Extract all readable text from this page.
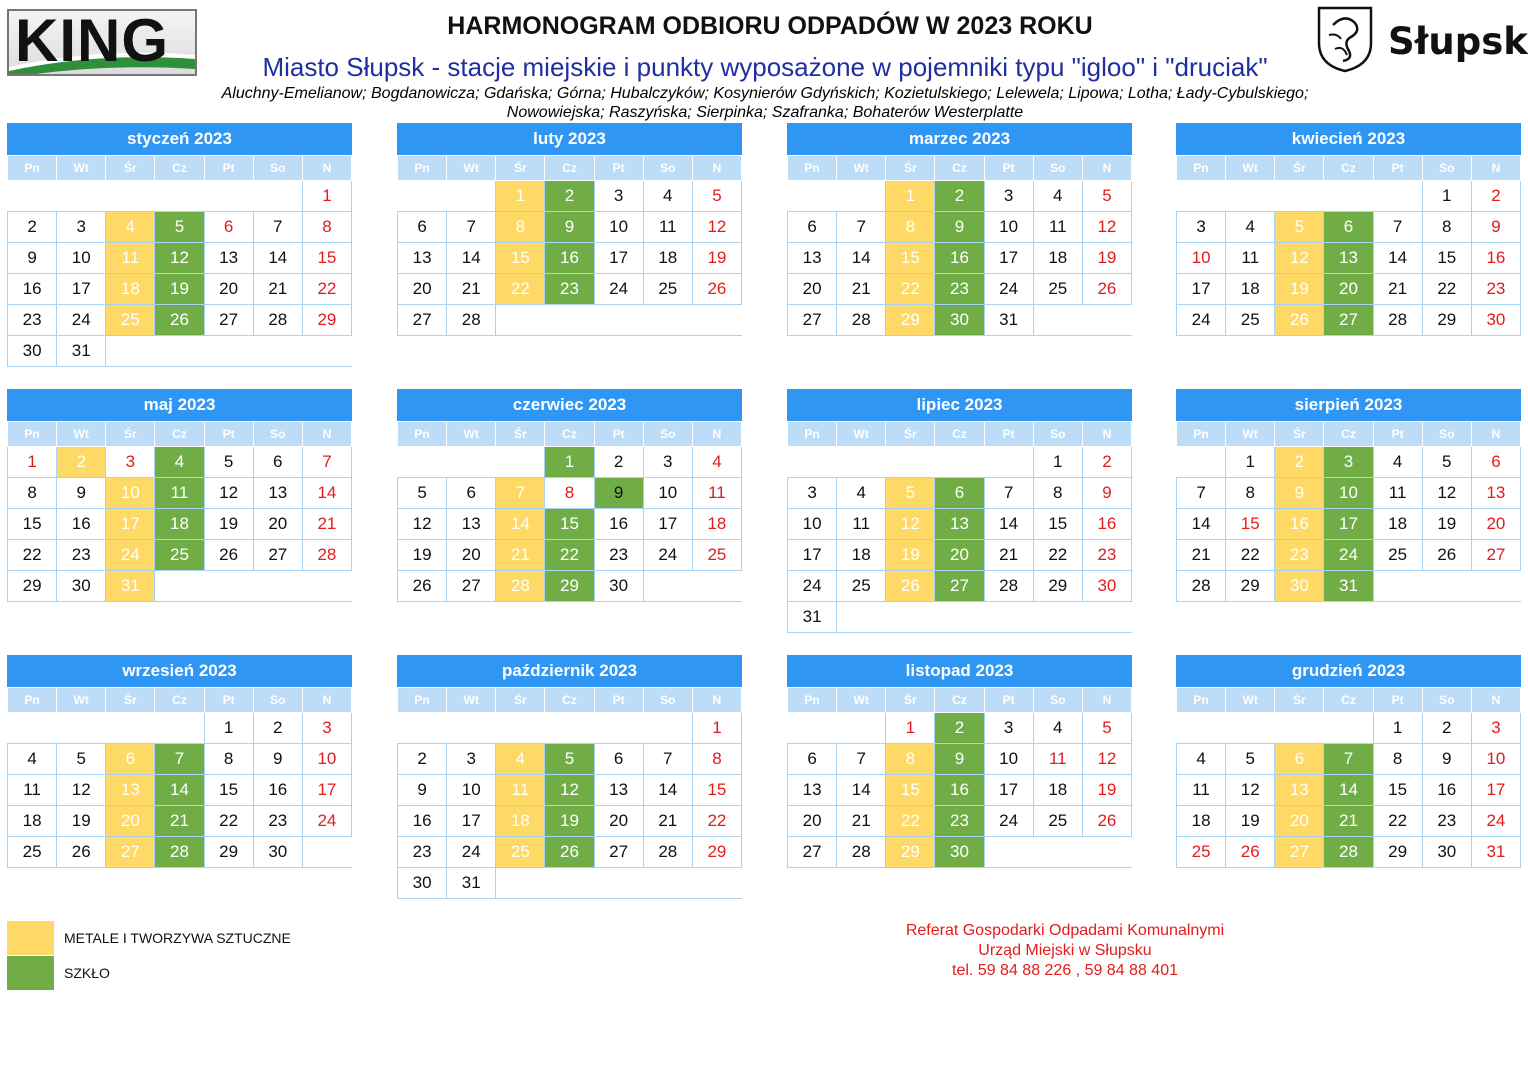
KING	HARMONOGRAM ODBIORU ODPADÓW W 2023 ROKU
Miasto Słupsk - stacje miejskie i punkty wyposażone w pojemniki typu "igloo" i "druciak"
Aluchny-Emelianow; Bogdanowicza; Gdańska; Górna; Hubalczyków; Kosynierów Gdyńskich; Kozietulskiego; Lelewela; Lipowa; Lotha; Łady-Cybulskiego;
Nowowiejska; Raszyńska; Sierpinka; Szafranka; Bohaterów Westerplatte
Słupsk
styczeń 2023
Pn	Wt	Śr	Cz	Pt	So	N
						1
2	3	4	5	6	7	8
9	10	11	12	13	14	15
16	17	18	19	20	21	22
23	24	25	26	27	28	29
30	31					
luty 2023
Pn	Wt	Śr	Cz	Pt	So	N
		1	2	3	4	5
6	7	8	9	10	11	12
13	14	15	16	17	18	19
20	21	22	23	24	25	26
27	28					
marzec 2023
Pn	Wt	Śr	Cz	Pt	So	N
		1	2	3	4	5
6	7	8	9	10	11	12
13	14	15	16	17	18	19
20	21	22	23	24	25	26
27	28	29	30	31		
kwiecień 2023
Pn	Wt	Śr	Cz	Pt	So	N
					1	2
3	4	5	6	7	8	9
10	11	12	13	14	15	16
17	18	19	20	21	22	23
24	25	26	27	28	29	30
maj 2023
Pn	Wt	Śr	Cz	Pt	So	N
1	2	3	4	5	6	7
8	9	10	11	12	13	14
15	16	17	18	19	20	21
22	23	24	25	26	27	28
29	30	31				
czerwiec 2023
Pn	Wt	Śr	Cz	Pt	So	N
			1	2	3	4
5	6	7	8	9	10	11
12	13	14	15	16	17	18
19	20	21	22	23	24	25
26	27	28	29	30		
lipiec 2023
Pn	Wt	Śr	Cz	Pt	So	N
					1	2
3	4	5	6	7	8	9
10	11	12	13	14	15	16
17	18	19	20	21	22	23
24	25	26	27	28	29	30
31						
sierpień 2023
Pn	Wt	Śr	Cz	Pt	So	N
	1	2	3	4	5	6
7	8	9	10	11	12	13
14	15	16	17	18	19	20
21	22	23	24	25	26	27
28	29	30	31			
wrzesień 2023
Pn	Wt	Śr	Cz	Pt	So	N
				1	2	3
4	5	6	7	8	9	10
11	12	13	14	15	16	17
18	19	20	21	22	23	24
25	26	27	28	29	30	
październik 2023
Pn	Wt	Śr	Cz	Pt	So	N
						1
2	3	4	5	6	7	8
9	10	11	12	13	14	15
16	17	18	19	20	21	22
23	24	25	26	27	28	29
30	31					
listopad 2023
Pn	Wt	Śr	Cz	Pt	So	N
		1	2	3	4	5
6	7	8	9	10	11	12
13	14	15	16	17	18	19
20	21	22	23	24	25	26
27	28	29	30			
grudzień 2023
Pn	Wt	Śr	Cz	Pt	So	N
				1	2	3
4	5	6	7	8	9	10
11	12	13	14	15	16	17
18	19	20	21	22	23	24
25	26	27	28	29	30	31
METALE I TWORZYWA SZTUCZNE
SZKŁO
Referat Gospodarki Odpadami Komunalnymi
Urząd Miejski w Słupsku
tel. 59 84 88 226 , 59 84 88 401
